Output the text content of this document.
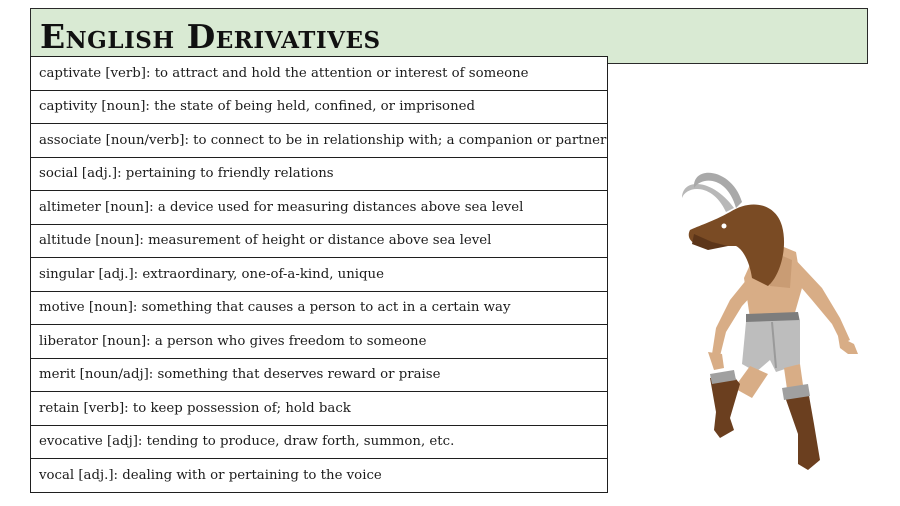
English Derivatives
captivate [verb]: to attract and hold the attention or interest of someone
captivity [noun]: the state of being held, confined, or imprisoned
associate [noun/verb]: to connect to be in relationship with; a companion or partner
social [adj.]: pertaining to friendly relations
altimeter [noun]: a device used for measuring distances above sea level
altitude [noun]: measurement of height or distance above sea level
singular [adj.]: extraordinary, one-of-a-kind, unique
motive [noun]: something that causes a person to act in a certain way
liberator [noun]: a person who gives freedom to someone
merit [noun/adj]: something that deserves reward or praise
retain [verb]: to keep possession of; hold back
evocative [adj]: tending to produce, draw forth, summon, etc.
vocal [adj.]: dealing with or pertaining to the voice
